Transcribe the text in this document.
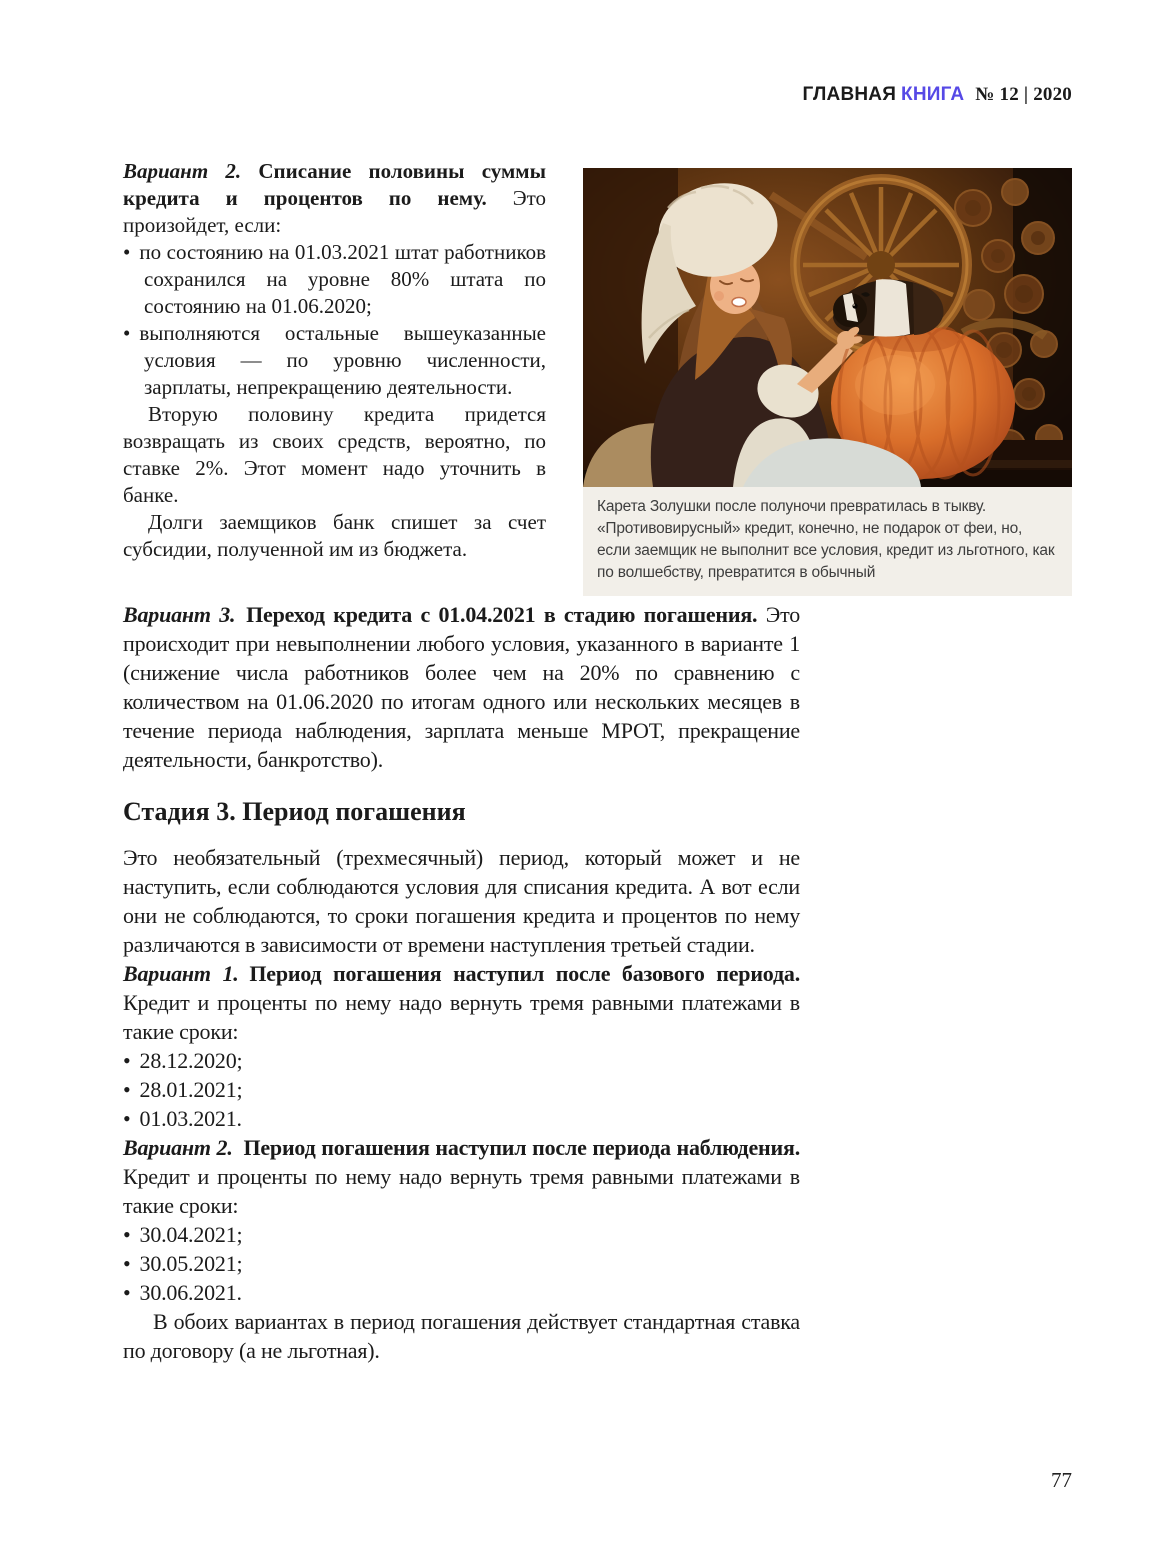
ГЛАВНАЯ КНИГА № 12 | 2020

Вариант 2. Списание половины суммы кредита и процентов по нему. Это произойдет, если:

• по состоянию на 01.03.2021 штат работников сохранился на уровне 80% штата по состоянию на 01.06.2020;
• выполняются остальные вышеуказанные условия — по уровню численности, зарплаты, непрекращению деятельности.

Вторую половину кредита придется возвращать из своих средств, вероятно, по ставке 2%. Этот момент надо уточнить в банке.

Долги заемщиков банк спишет за счет субсидии, полученной им из бюджета.

Карета Золушки после полуночи превратилась в тыкву. «Противовирусный» кредит, конечно, не подарок от феи, но, если заемщик не выполнит все условия, кредит из льготного, как по волшебству, превратится в обычный

Вариант 3. Переход кредита с 01.04.2021 в стадию погашения. Это происходит при невыполнении любого условия, указанного в варианте 1 (снижение числа работников более чем на 20% по сравнению с количеством на 01.06.2020 по итогам одного или нескольких месяцев в течение периода наблюдения, зарплата меньше МРОТ, прекращение деятельности, банкротство).

Стадия 3. Период погашения

Это необязательный (трехмесячный) период, который может и не наступить, если соблюдаются условия для списания кредита. А вот если они не соблюдаются, то сроки погашения кредита и процентов по нему различаются в зависимости от времени наступления третьей стадии.

Вариант 1. Период погашения наступил после базового периода. Кредит и проценты по нему надо вернуть тремя равными платежами в такие сроки:

• 28.12.2020;
• 28.01.2021;
• 01.03.2021.

Вариант 2. Период погашения наступил после периода наблюдения. Кредит и проценты по нему надо вернуть тремя равными платежами в такие сроки:

• 30.04.2021;
• 30.05.2021;
• 30.06.2021.

В обоих вариантах в период погашения действует стандартная ставка по договору (а не льготная).

77
